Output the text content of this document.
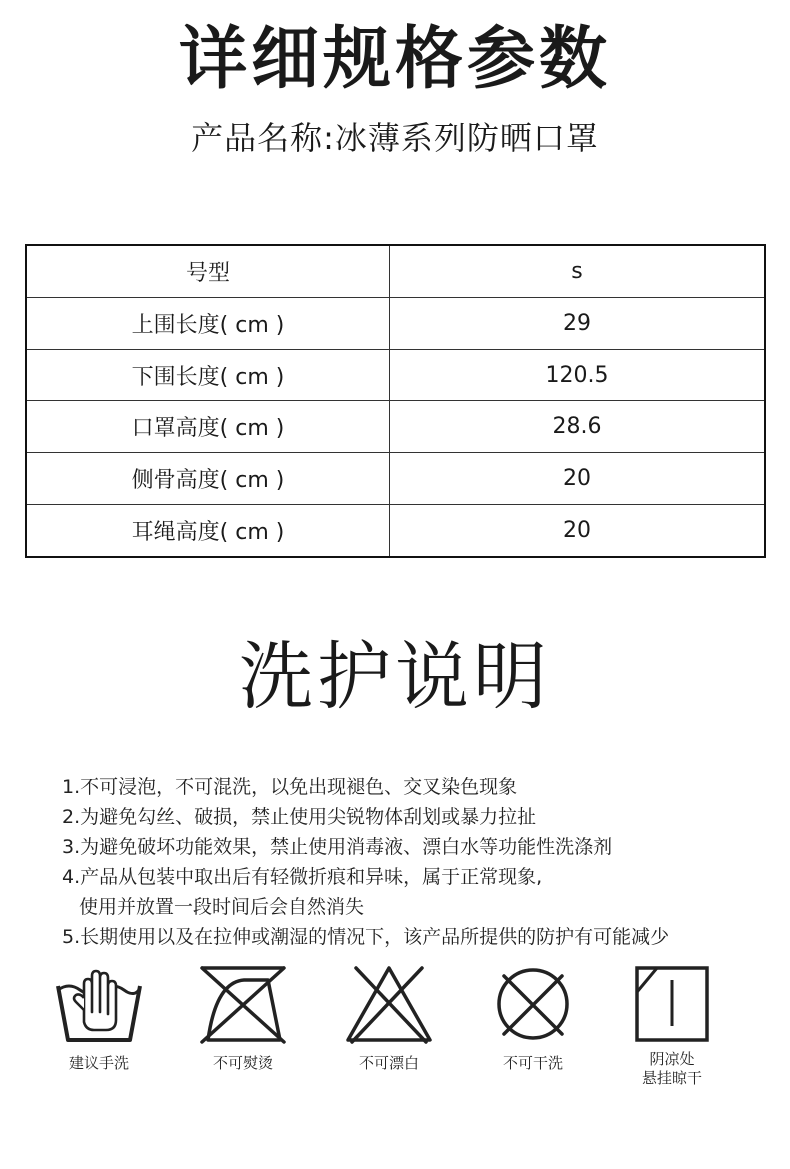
详细规格参数
产品名称:冰薄系列防晒口罩
号型	s
上围长度( cm )	29
下围长度( cm )	120.5
口罩高度( cm )	28.6
侧骨高度( cm )	20
耳绳高度( cm )	20
洗护说明
1.不可浸泡，不可混洗，以免出现褪色、交叉染色现象
2.为避免勾丝、破损，禁止使用尖锐物体刮划或暴力拉扯
3.为避免破坏功能效果，禁止使用消毒液、漂白水等功能性洗涤剂
4.产品从包装中取出后有轻微折痕和异味，属于正常现象,
使用并放置一段时间后会自然消失
5.长期使用以及在拉伸或潮湿的情况下，该产品所提供的防护有可能减少
建议手洗	不可熨烫	不可漂白	不可干洗	阴凉处
悬挂晾干
